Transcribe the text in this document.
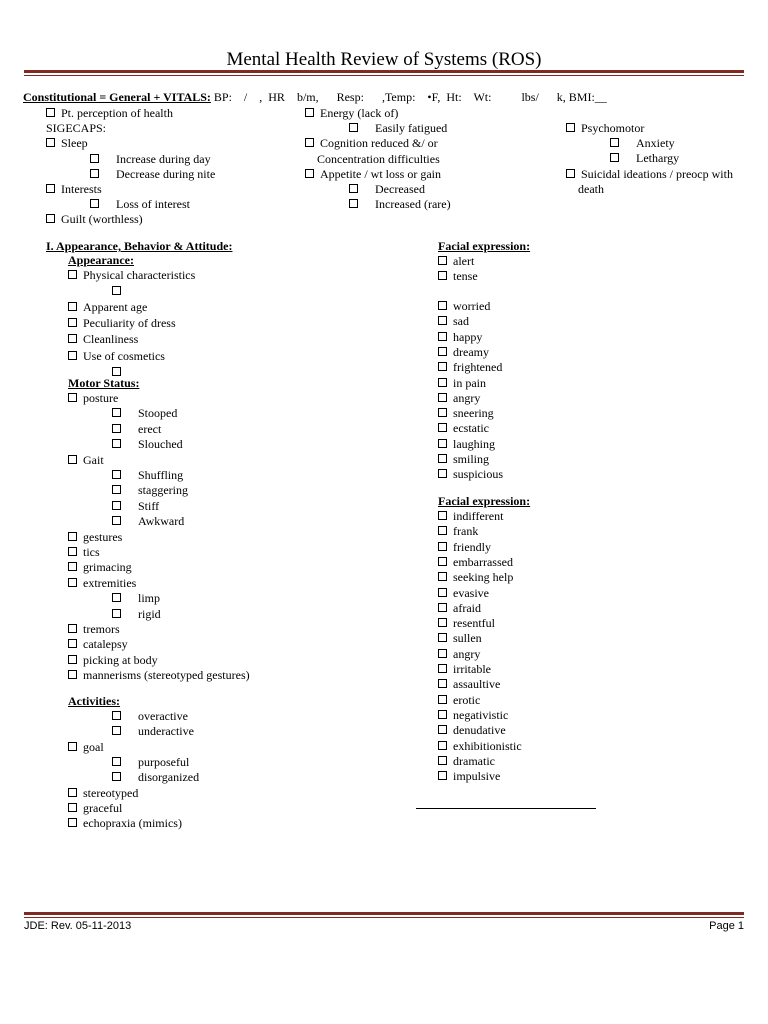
Mental Health Review of Systems (ROS)
Constitutional = General + VITALS: BP:    /    ,  HR    b/m,      Resp:      ,Temp:    •F,  Ht:    Wt:          lbs/      k, BMI:__
Pt. perception of health
SIGECAPS:
Sleep
Increase during day
Decrease during nite
Interests
Loss of interest
Guilt (worthless)
Energy (lack of)
Easily fatigued
Cognition reduced &/ or
Concentration difficulties
Appetite / wt loss or gain
Decreased
Increased (rare)
Psychomotor
Anxiety
Lethargy
Suicidal ideations / preocp with
death
I. Appearance, Behavior & Attitude:
Appearance:
Physical characteristics
Apparent age
Peculiarity of dress
Cleanliness
Use of cosmetics
Motor Status:
posture
Stooped
erect
Slouched
Gait
Shuffling
staggering
Stiff
Awkward
gestures
tics
grimacing
extremities
limp
rigid
tremors
catalepsy
picking at body
mannerisms (stereotyped gestures)
Activities:
overactive
underactive
goal
purposeful
disorganized
stereotyped
graceful
echopraxia (mimics)
Facial expression:
alert
tense
worried
sad
happy
dreamy
frightened
in pain
angry
sneering
ecstatic
laughing
smiling
suspicious
Facial expression:
indifferent
frank
friendly
embarrassed
seeking help
evasive
afraid
resentful
sullen
angry
irritable
assaultive
erotic
negativistic
denudative
exhibitionistic
dramatic
impulsive
JDE: Rev. 05-11-2013	Page 1
